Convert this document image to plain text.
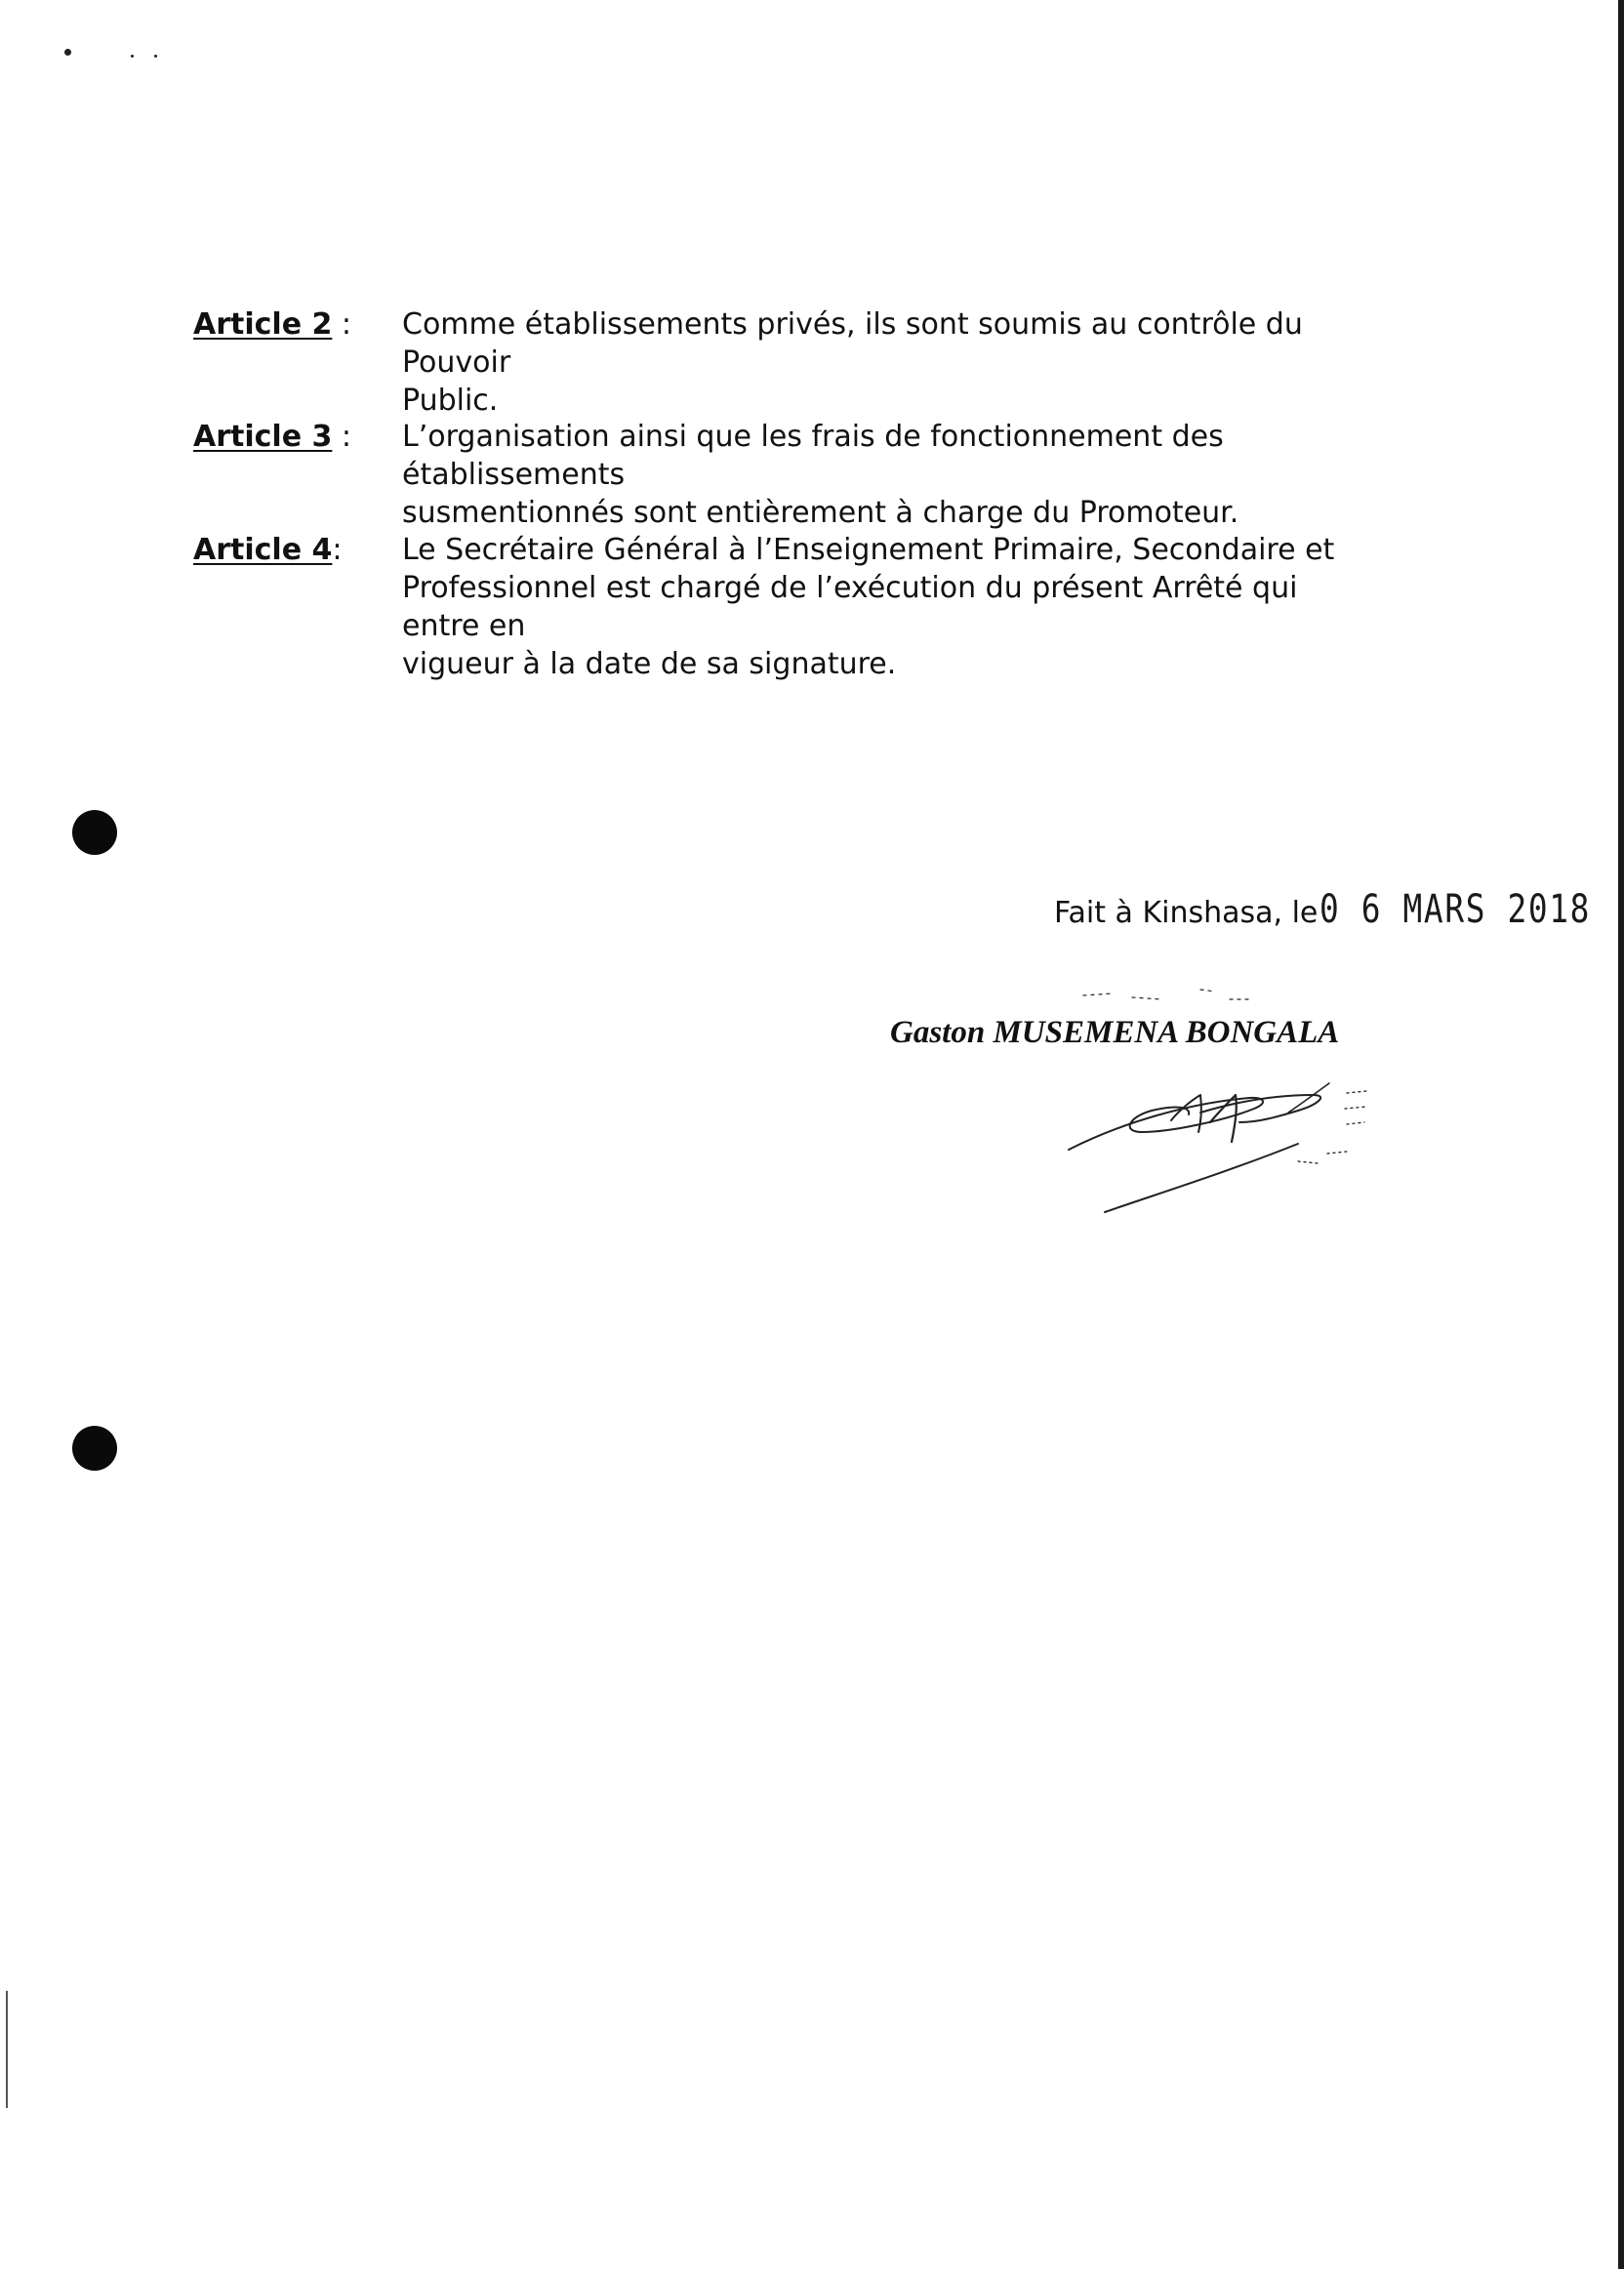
Article 2 :	Comme établissements privés, ils sont soumis au contrôle du Pouvoir
Public.
Article 3 :	L’organisation ainsi que les frais de fonctionnement des établissements
susmentionnés sont entièrement à charge du Promoteur.
Article 4:	Le Secrétaire Général à l’Enseignement Primaire, Secondaire et
Professionnel est chargé de l’exécution du présent Arrêté qui entre en
vigueur à la date de sa signature.
Fait à Kinshasa, le 0 6 MARS 2018
Gaston MUSEMENA BONGALA
